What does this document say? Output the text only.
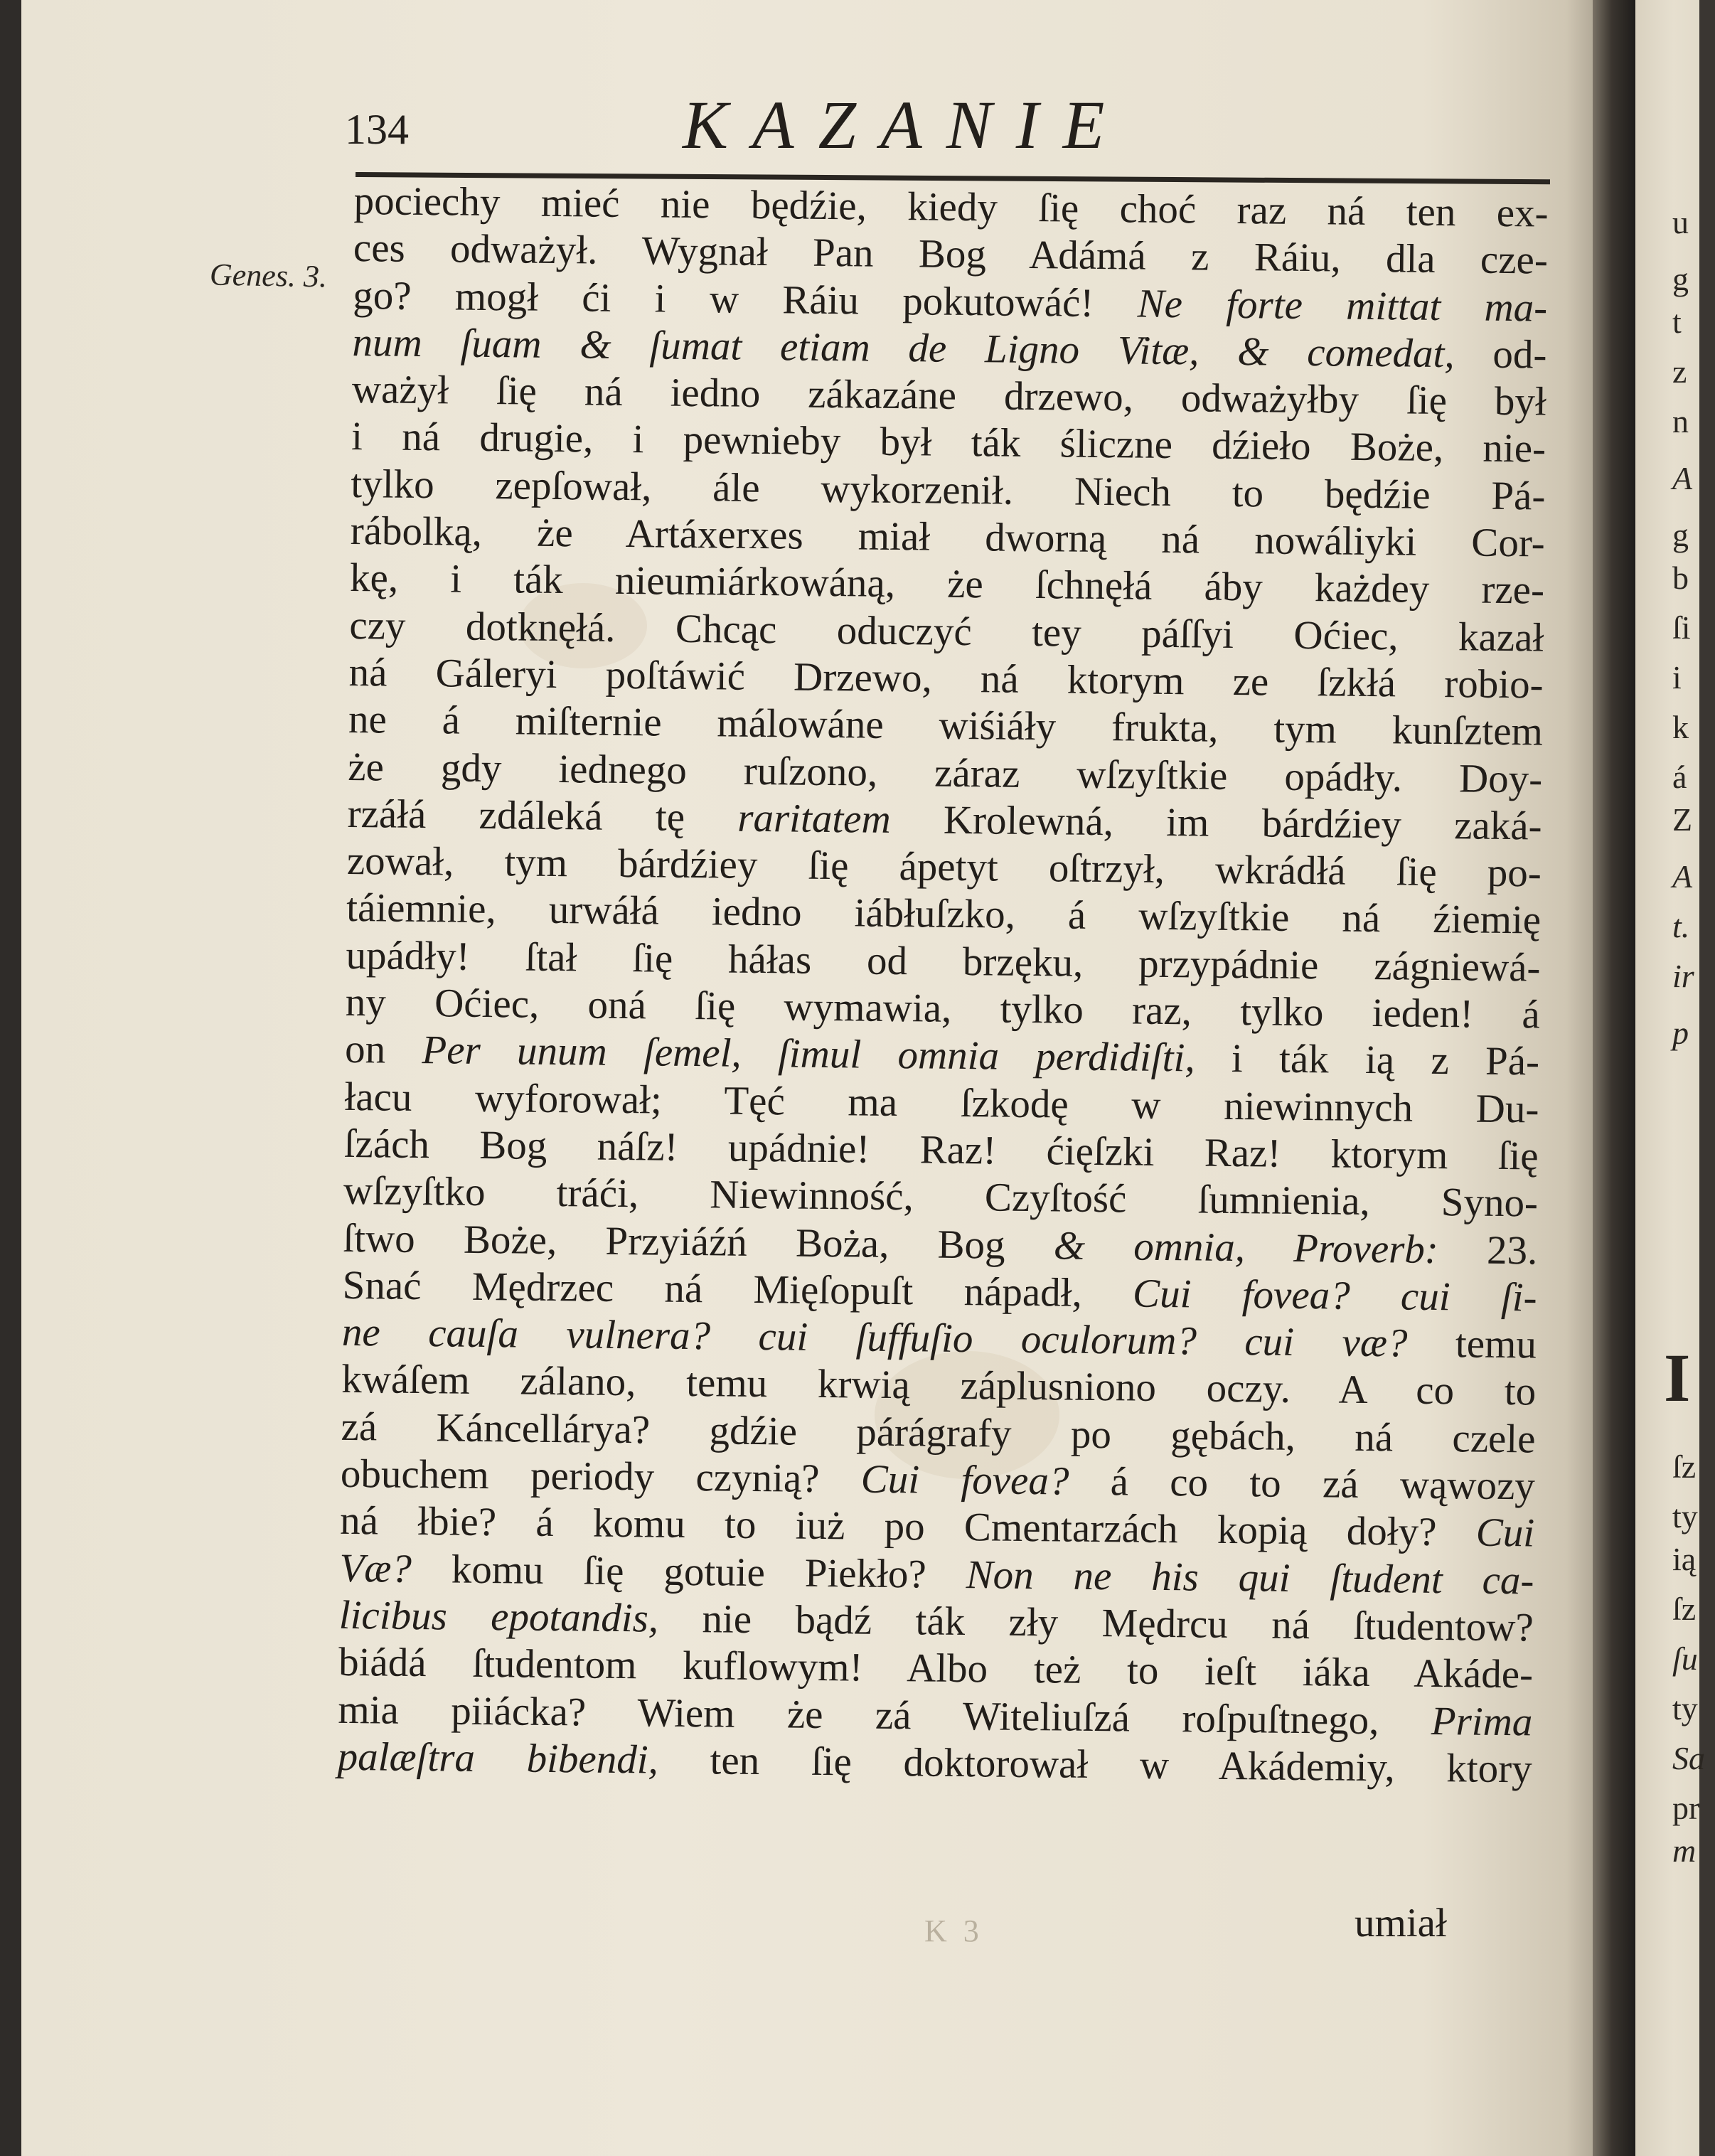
134	KAZANIE
Genes. 3.
pociechy mieć nie będźie, kiedy ſię choć raz ná ten ex-
ces odważył. Wygnał Pan Bog Adámá z Ráiu, dla cze-
go? mogł ći i w Ráiu pokutowáć! Ne forte mittat ma-
num ſuam & ſumat etiam de Ligno Vitæ, & comedat, od-
ważył ſię ná iedno zákazáne drzewo, odważyłby ſię był
i ná drugie, i pewnieby był ták śliczne dźieło Boże, nie-
tylko zepſował, ále wykorzenił. Niech to będźie Pá-
rábolką, że Artáxerxes miał dworną ná nowáliyki Cor-
kę, i ták nieumiárkowáną, że ſchnęłá áby każdey rze-
czy dotknęłá. Chcąc oduczyć tey páſſyi Oćiec, kazał
ná Gáleryi poſtáwić Drzewo, ná ktorym ze ſzkłá robio-
ne á miſternie málowáne wiśiáły frukta, tym kunſztem
że gdy iednego ruſzono, záraz wſzyſtkie opádły. Doy-
rzáłá zdáleká tę raritatem Krolewná, im bárdźiey zaká-
zował, tym bárdźiey ſię ápetyt oſtrzył, wkrádłá ſię po-
táiemnie, urwáłá iedno iábłuſzko, á wſzyſtkie ná źiemię
upádły! ſtał ſię háłas od brzęku, przypádnie zágniewá-
ny Oćiec, oná ſię wymawia, tylko raz, tylko ieden! á
on Per unum ſemel, ſimul omnia perdidiſti, i ták ią z Pá-
łacu wyforował; Tęć ma ſzkodę w niewinnych Du-
ſzách Bog náſz! upádnie! Raz! ćięſzki Raz! ktorym ſię
wſzyſtko tráći, Niewinność, Czyſtość ſumnienia, Syno-
ſtwo Boże, Przyiáźń Boża, Bog & omnia, Proverb: 23.
Snać Mędrzec ná Mięſopuſt nápadł, Cui fovea? cui ſi-
ne cauſa vulnera? cui ſuffuſio oculorum? cui væ? temu
kwáſem zálano, temu krwią záplusniono oczy. A co to
zá Káncellárya? gdźie párágrafy po gębách, ná czele
obuchem periody czynią? Cui fovea? á co to zá wąwozy
ná łbie? á komu to iuż po Cmentarzách kopią doły? Cui
Væ? komu ſię gotuie Piekło? Non ne his qui ſtudent ca-
licibus epotandis, nie bądź ták zły Mędrcu ná ſtudentow?
biádá ſtudentom kuflowym! Albo też to ieſt iáka Akáde-
mia piiácka? Wiem że zá Witeliuſzá roſpuſtnego, Prima
palæſtra bibendi, ten ſię doktorował w Akádemiy, ktory
K 3	umiał
u
g
t
z
n
A
g
b
ſi
i
k
á
Z
A
t.
ir
p
I
ſz
ty
ią
ſz
ſu
ty
Sa
pr
m
